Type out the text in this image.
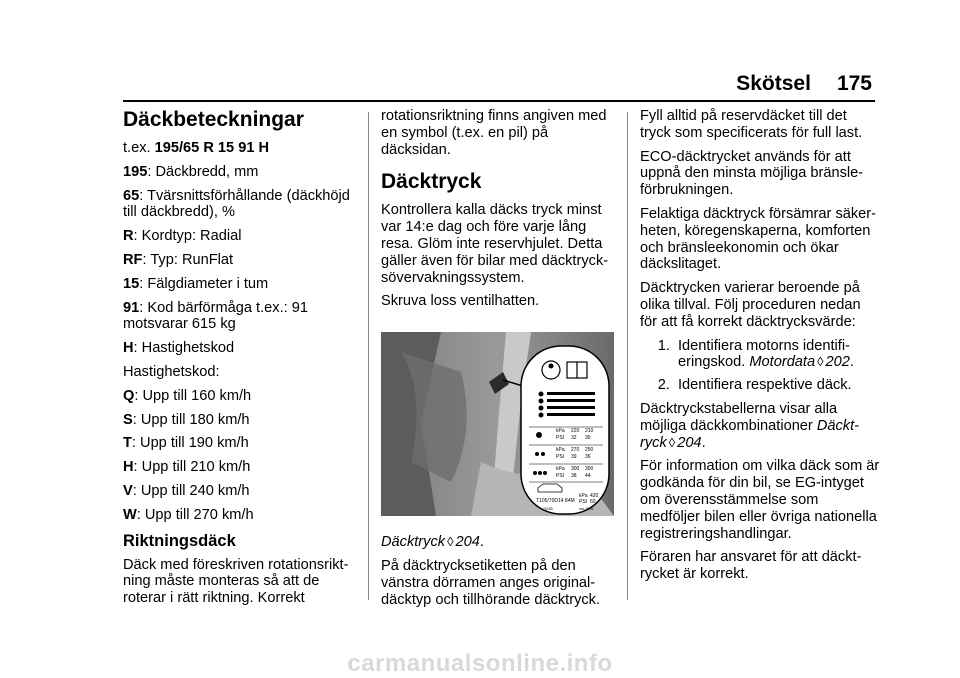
Skötsel 175
Däckbeteckningar

t.ex. 195/65 R 15 91 H

195: Däckbredd, mm

65: Tvärsnittsförhållande (däckhöjd till däckbredd), %

R: Kordtyp: Radial

RF: Typ: RunFlat

15: Fälgdiameter i tum

91: Kod bärförmåga t.ex.: 91 motsvarar 615 kg

H: Hastighetskod

Hastighetskod:

Q: Upp till 160 km/h

S: Upp till 180 km/h

T: Upp till 190 km/h

H: Upp till 210 km/h

V: Upp till 240 km/h

W: Upp till 270 km/h

Riktningsdäck

Däck med föreskriven rotationsrikt-ning måste monteras så att de roterar i rätt riktning. Korrekt

rotationsriktning finns angiven med en symbol (t.ex. en pil) på däcksidan.

Däcktryck

Kontrollera kalla däcks tryck minst var 14:e dag och före varje lång resa. Glöm inte reservhjulet. Detta gäller även för bilar med däcktryck-sövervakningssystem.

Skruva loss ventilhatten.

kPa 220 210
PSI 32 30
kPa 270 250
PSI 39 36
kPa 300 300
PSI 38 44
T105/70D14 84M
kPa 420
PSI 60
20180	xxx-1876

Däcktryck ◊ 204.

På däcktrycksetiketten på den vänstra dörramen anges original-däcktyp och tillhörande däcktryck.

Fyll alltid på reservdäcket till det tryck som specificerats för full last.

ECO-däcktrycket används för att uppnå den minsta möjliga bränsle-förbrukningen.

Felaktiga däcktryck försämrar säker-heten, köregenskaperna, komforten och bränsleekonomin och ökar däckslitaget.

Däcktrycken varierar beroende på olika tillval. Följ proceduren nedan för att få korrekt däcktrycksvärde:

1. Identifiera motorns identifi-eringskod. Motordata ◊ 202.
2. Identifiera respektive däck.

Däcktryckstabellerna visar alla möjliga däckkombinationer Däckt-ryck ◊ 204.

För information om vilka däck som är godkända för din bil, se EG-intyget om överensstämmelse som medföljer bilen eller övriga nationella registreringshandlingar.

Föraren har ansvaret för att däckt-rycket är korrekt.

carmanualsonline.info
